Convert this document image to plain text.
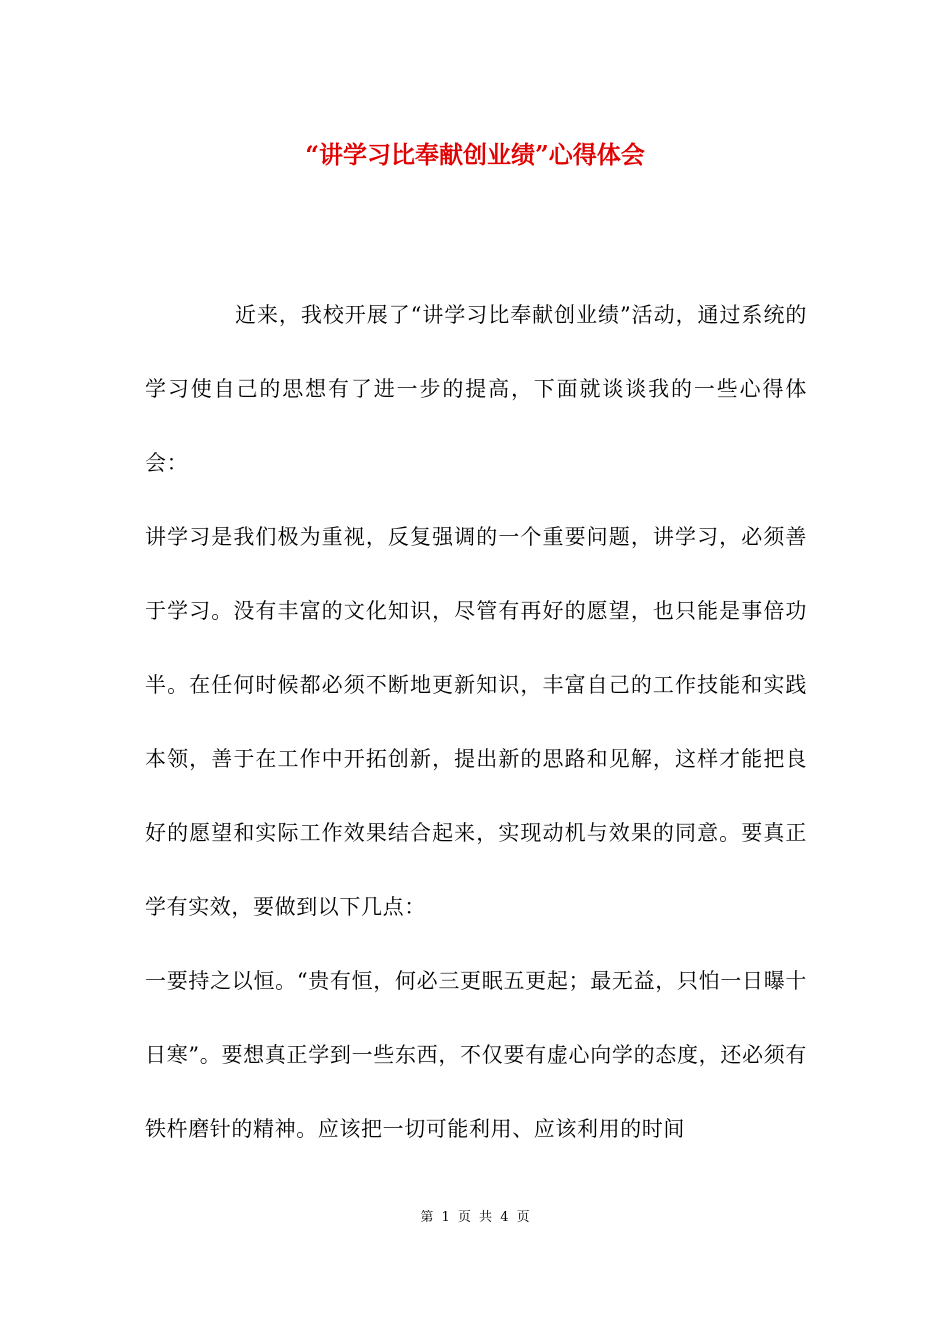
“讲学习比奉献创业绩”心得体会

近来，我校开展了“讲学习比奉献创业绩”活动，通过系统的学习使自己的思想有了进一步的提高，下面就谈谈我的一些心得体会：

讲学习是我们极为重视，反复强调的一个重要问题，讲学习，必须善于学习。没有丰富的文化知识，尽管有再好的愿望，也只能是事倍功半。在任何时候都必须不断地更新知识，丰富自己的工作技能和实践本领，善于在工作中开拓创新，提出新的思路和见解，这样才能把良好的愿望和实际工作效果结合起来，实现动机与效果的同意。要真正学有实效，要做到以下几点：

一要持之以恒。“贵有恒，何必三更眠五更起；最无益，只怕一日曝十日寒”。要想真正学到一些东西，不仅要有虚心向学的态度，还必须有铁杵磨针的精神。应该把一切可能利用、应该利用的时间

第 1 页 共 4 页
